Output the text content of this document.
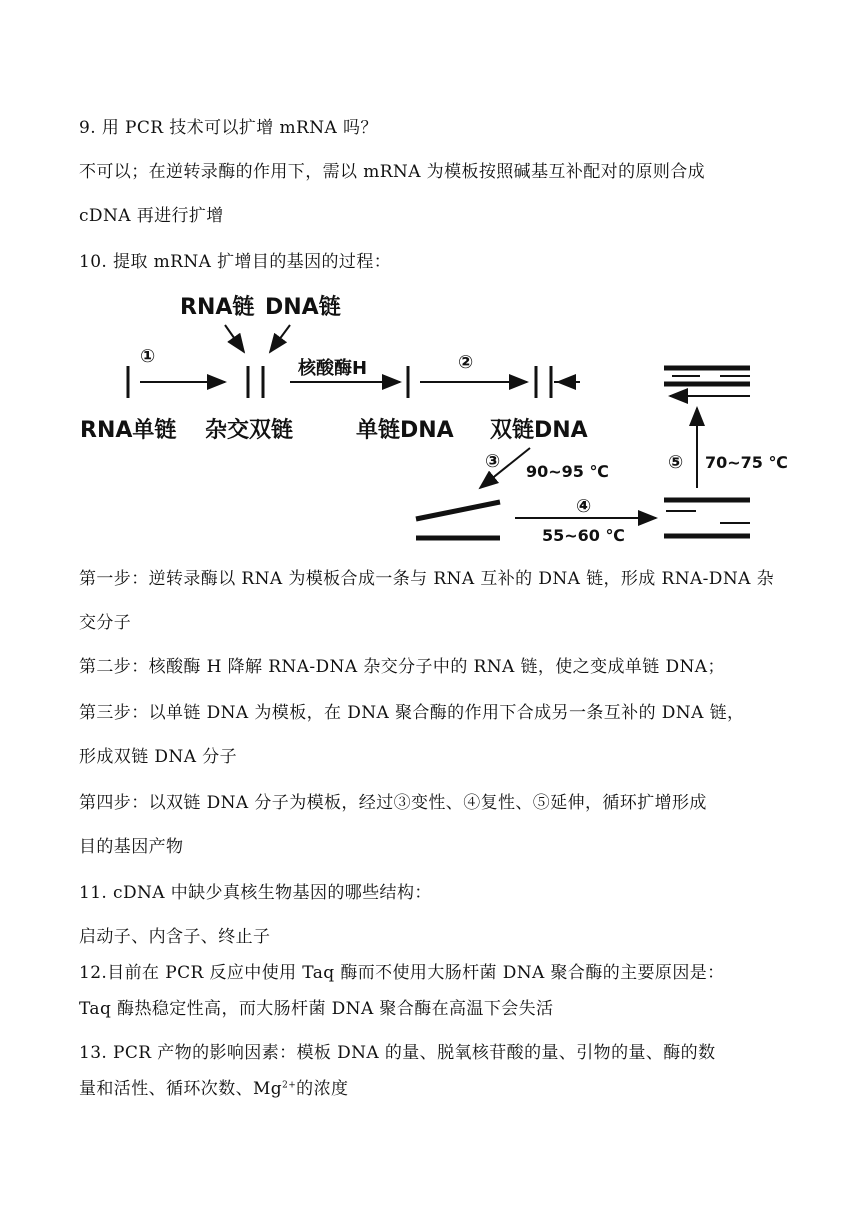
9. 用 PCR 技术可以扩增 mRNA 吗？
不可以；在逆转录酶的作用下，需以 mRNA 为模板按照碱基互补配对的原则合成
cDNA 再进行扩增
10. 提取 mRNA 扩增目的基因的过程：
RNA链 DNA链
①
核酸酶H	②
RNA单链 杂交双链	单链DNA 双链DNA
③ 90~95 ℃
④
55~60 ℃
⑤ 70~75 ℃
第一步：逆转录酶以 RNA 为模板合成一条与 RNA 互补的 DNA 链，形成 RNA-DNA 杂
交分子
第二步：核酸酶 H 降解 RNA-DNA 杂交分子中的 RNA 链，使之变成单链 DNA；
第三步：以单链 DNA 为模板，在 DNA 聚合酶的作用下合成另一条互补的 DNA 链，
形成双链 DNA 分子
第四步：以双链 DNA 分子为模板，经过③变性、④复性、⑤延伸，循环扩增形成
目的基因产物
11. cDNA 中缺少真核生物基因的哪些结构：
启动子、内含子、终止子
12.目前在 PCR 反应中使用 Taq 酶而不使用大肠杆菌 DNA 聚合酶的主要原因是：
Taq 酶热稳定性高，而大肠杆菌 DNA 聚合酶在高温下会失活
13. PCR 产物的影响因素：模板 DNA 的量、脱氧核苷酸的量、引物的量、酶的数
量和活性、循环次数、$Mg^{2+}$的浓度
